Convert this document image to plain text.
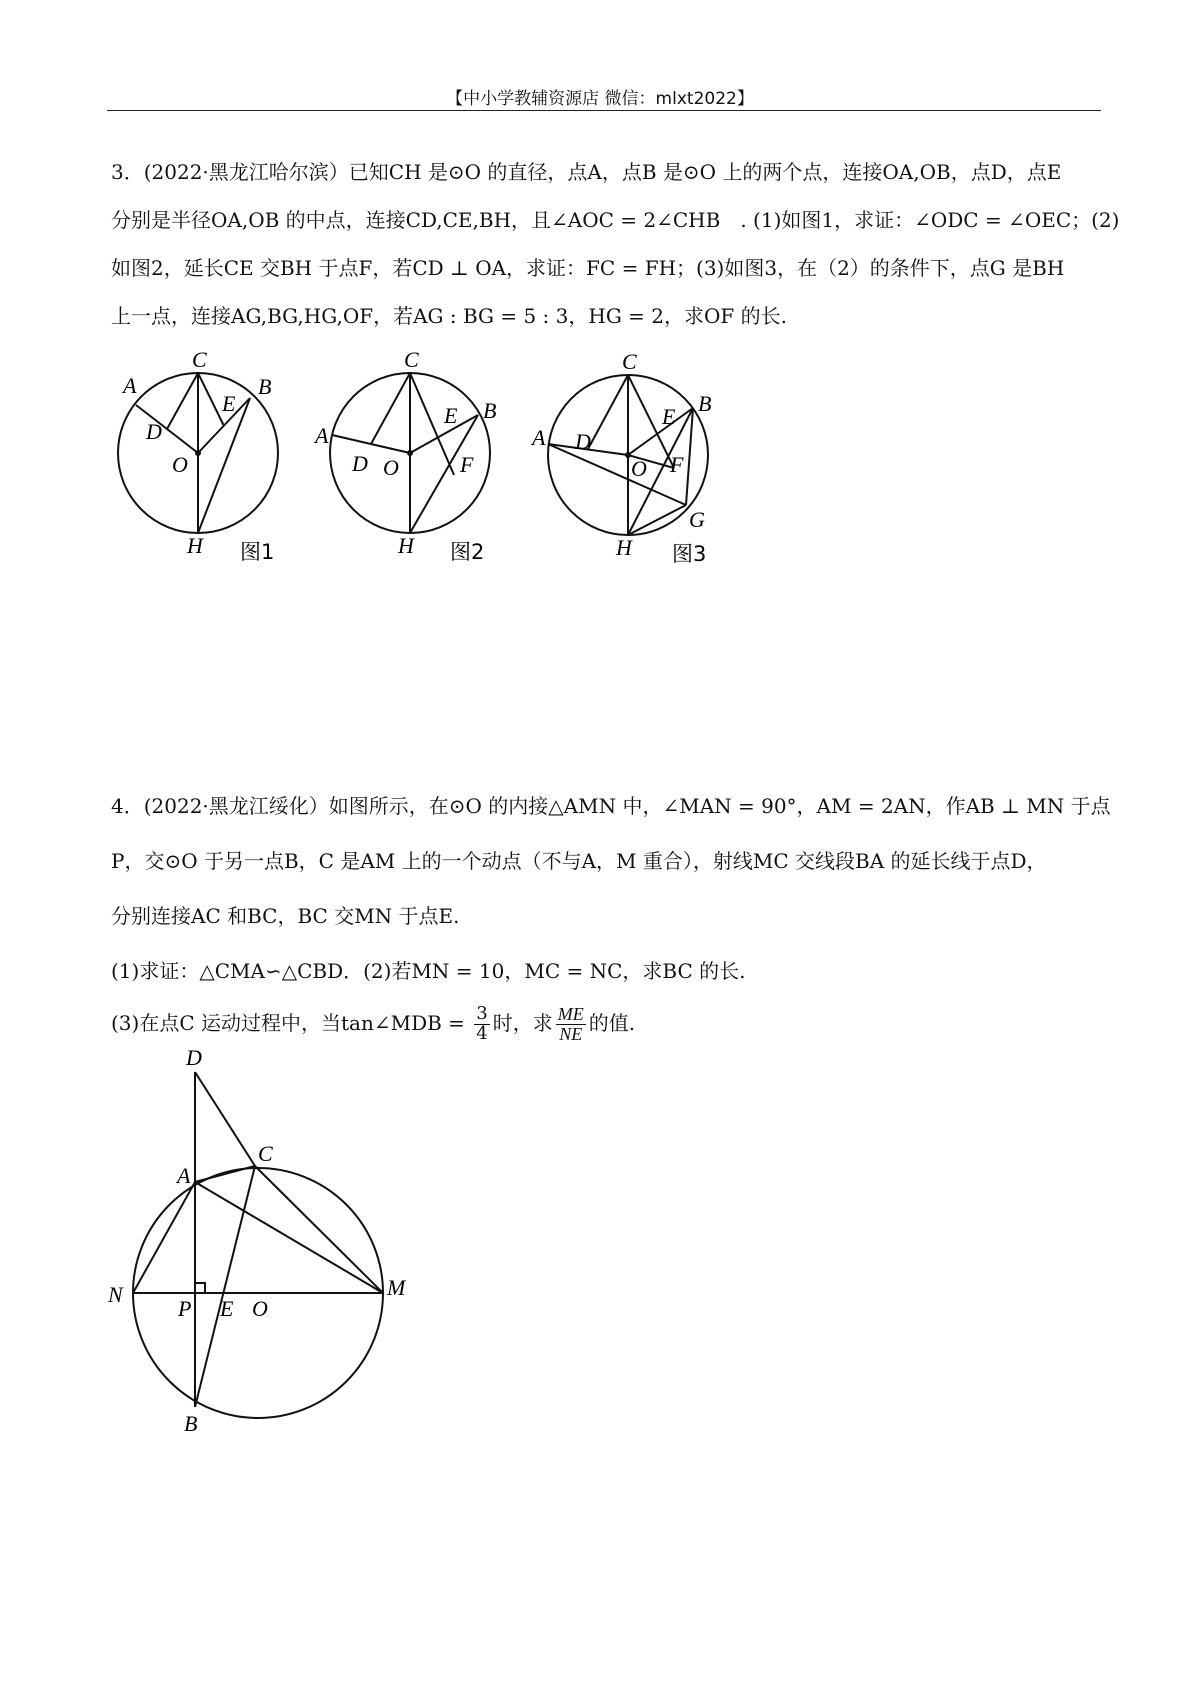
【中小学教辅资源店 微信：mlxt2022】
3．(2022·黑龙江哈尔滨）已知CH 是⊙O 的直径，点A，点B 是⊙O 上的两个点，连接OA,OB，点D，点E
分别是半径OA,OB 的中点，连接CD,CE,BH，且∠AOC = 2∠CHB　. (1)如图1，求证：∠ODC = ∠OEC；(2)
如图2，延长CE 交BH 于点F，若CD ⊥ OA，求证：FC = FH；(3)如图3，在（2）的条件下，点G 是BH
上一点，连接AG,BG,HG,OF，若AG : BG = 5 : 3，HG = 2，求OF 的长.
C
A	B
E
D
O
H 图1
C
A
B
E
D O	F
H 图2
C
A
B
D
E
O F
G
H 图3
4．(2022·黑龙江绥化）如图所示，在⊙O 的内接△AMN 中，∠MAN = 90°，AM = 2AN，作AB ⊥ MN 于点
P，交⊙O 于另一点B，C 是AM 上的一个动点（不与A，M 重合），射线MC 交线段BA 的延长线于点D，
分别连接AC 和BC，BC 交MN 于点E.
(1)求证：△CMA∽△CBD．(2)若MN = 10，MC = NC，求BC 的长.
(3)在点C 运动过程中，当tan∠MDB = $\frac{3}{4}$ 时，求 $\frac{ME}{NE}$ 的值.
D
C
A
N
P E O
M
B
